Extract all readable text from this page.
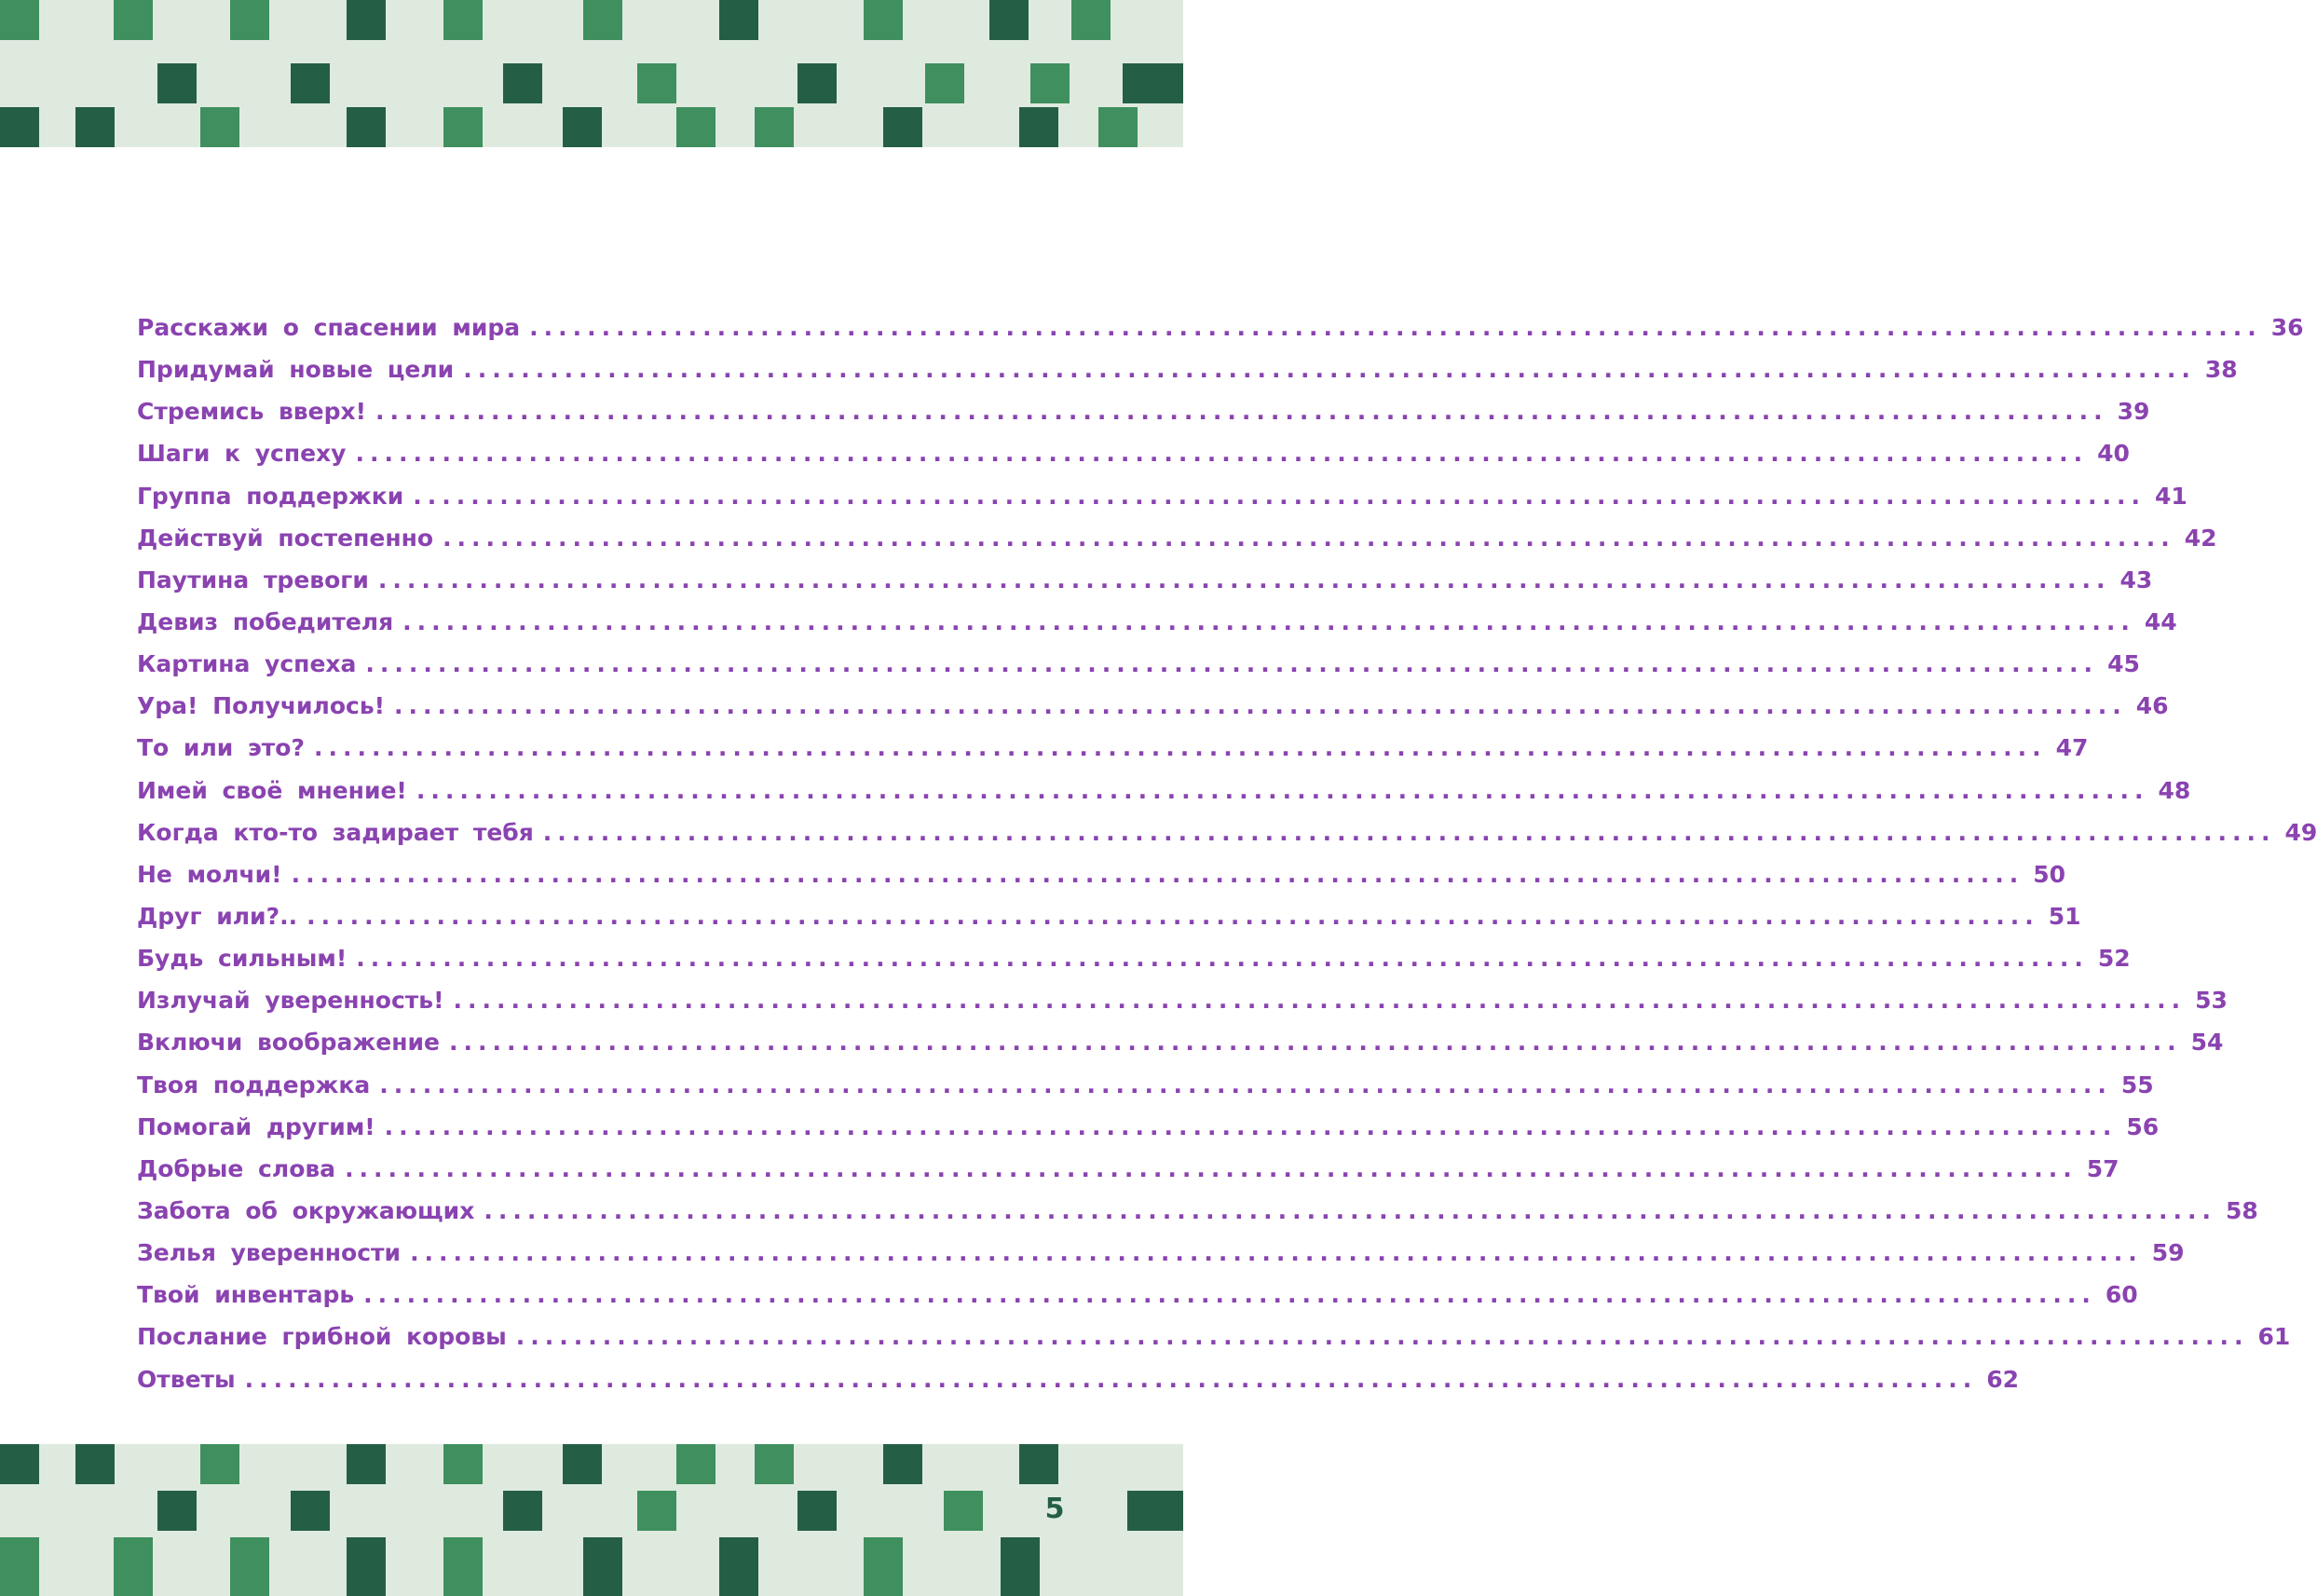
Расскажи о спасении мира ........................................................................................................................ 36
Придумай новые цели ........................................................................................................................ 38
Стремись вверх! ........................................................................................................................ 39
Шаги к успеху ........................................................................................................................ 40
Группа поддержки ........................................................................................................................ 41
Действуй постепенно ........................................................................................................................ 42
Паутина тревоги ........................................................................................................................ 43
Девиз победителя ........................................................................................................................ 44
Картина успеха ........................................................................................................................ 45
Ура! Получилось! ........................................................................................................................ 46
То или это? ........................................................................................................................ 47
Имей своё мнение! ........................................................................................................................ 48
Когда кто-то задирает тебя ........................................................................................................................ 49
Не молчи! ........................................................................................................................ 50
Друг или?.. ........................................................................................................................ 51
Будь сильным! ........................................................................................................................ 52
Излучай уверенность! ........................................................................................................................ 53
Включи воображение ........................................................................................................................ 54
Твоя поддержка ........................................................................................................................ 55
Помогай другим! ........................................................................................................................ 56
Добрые слова ........................................................................................................................ 57
Забота об окружающих ........................................................................................................................ 58
Зелья уверенности ........................................................................................................................ 59
Твой инвентарь ........................................................................................................................ 60
Послание грибной коровы ........................................................................................................................ 61
Ответы ........................................................................................................................ 62
5
